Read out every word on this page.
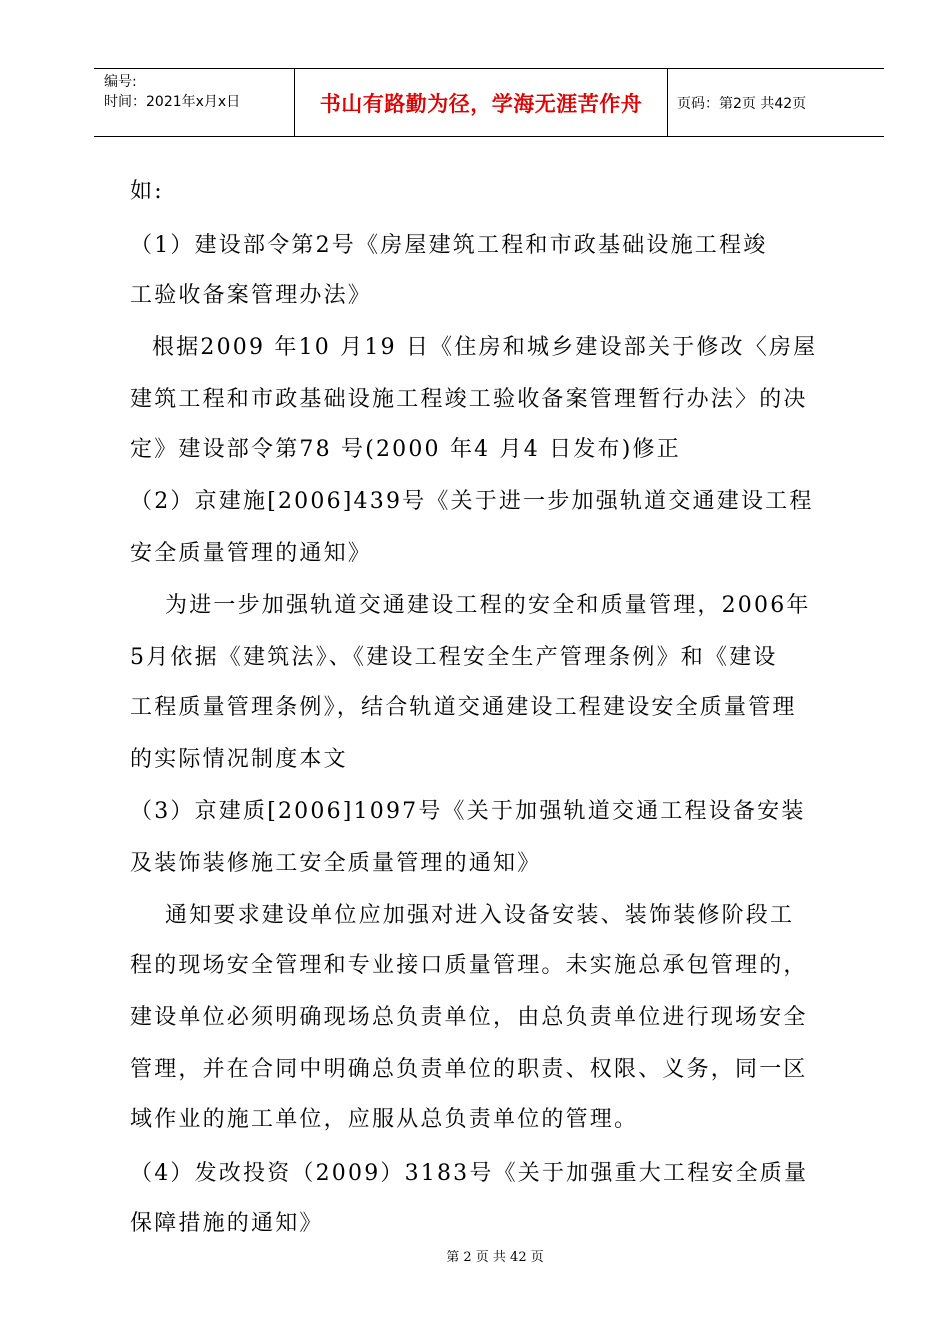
编号:
时间：2021年x月x日	书山有路勤为径，学海无涯苦作舟 页码：第2页 共42页
如:
（1）建设部令第2号《房屋建筑工程和市政基础设施工程竣
工验收备案管理办法》
根据2009 年10 月19 日《住房和城乡建设部关于修改〈房屋
建筑工程和市政基础设施工程竣工验收备案管理暂行办法〉的决
定》建设部令第78 号(2000 年4 月4 日发布)修正
（2）京建施[2006]439号《关于进一步加强轨道交通建设工程
安全质量管理的通知》
为进一步加强轨道交通建设工程的安全和质量管理，2006年
5月依据《建筑法》、《建设工程安全生产管理条例》和《建设
工程质量管理条例》，结合轨道交通建设工程建设安全质量管理
的实际情况制度本文
（3）京建质[2006]1097号《关于加强轨道交通工程设备安装
及装饰装修施工安全质量管理的通知》
通知要求建设单位应加强对进入设备安装、装饰装修阶段工
程的现场安全管理和专业接口质量管理。未实施总承包管理的，
建设单位必须明确现场总负责单位，由总负责单位进行现场安全
管理，并在合同中明确总负责单位的职责、权限、义务，同一区
域作业的施工单位，应服从总负责单位的管理。
（4）发改投资（2009）3183号《关于加强重大工程安全质量
保障措施的通知》
第 2 页 共 42 页
